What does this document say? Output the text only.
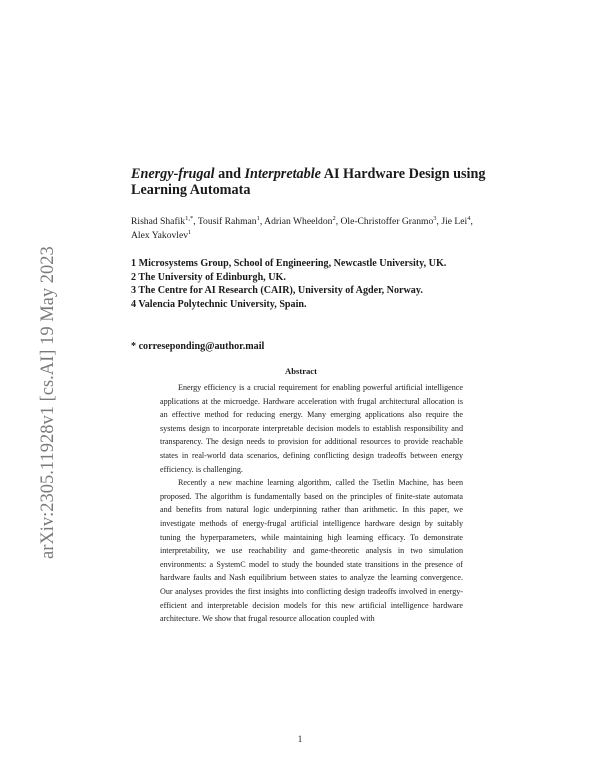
arXiv:2305.11928v1 [cs.AI] 19 May 2023
Energy-frugal and Interpretable AI Hardware Design using Learning Automata
Rishad Shafik$^{1,*}$, Tousif Rahman$^1$, Adrian Wheeldon$^2$, Ole-Christoffer Granmo$^3$, Jie Lei$^4$, Alex Yakovlev$^1$
1 Microsystems Group, School of Engineering, Newcastle University, UK.
2 The University of Edinburgh, UK.
3 The Centre for AI Research (CAIR), University of Agder, Norway.
4 Valencia Polytechnic University, Spain.
* correseponding@author.mail
Abstract

Energy efficiency is a crucial requirement for enabling powerful artificial intelligence applications at the microedge. Hardware acceleration with frugal architectural allocation is an effective method for reducing energy. Many emerging applications also require the systems design to incorporate interpretable decision models to establish responsibility and transparency. The design needs to provision for additional resources to provide reachable states in real-world data scenarios, defining conflicting design tradeoffs between energy efficiency. is challenging.

Recently a new machine learning algorithm, called the Tsetlin Machine, has been proposed. The algorithm is fundamentally based on the principles of finite-state automata and benefits from natural logic underpinning rather than arithmetic. In this paper, we investigate methods of energy-frugal artificial intelligence hardware design by suitably tuning the hyperparameters, while maintaining high learning efficacy. To demonstrate interpretability, we use reachability and game-theoretic analysis in two simulation environments: a SystemC model to study the bounded state transitions in the presence of hardware faults and Nash equilibrium between states to analyze the learning convergence. Our analyses provides the first insights into conflicting design tradeoffs involved in energy-efficient and interpretable decision models for this new artificial intelligence hardware architecture. We show that frugal resource allocation coupled with

1
